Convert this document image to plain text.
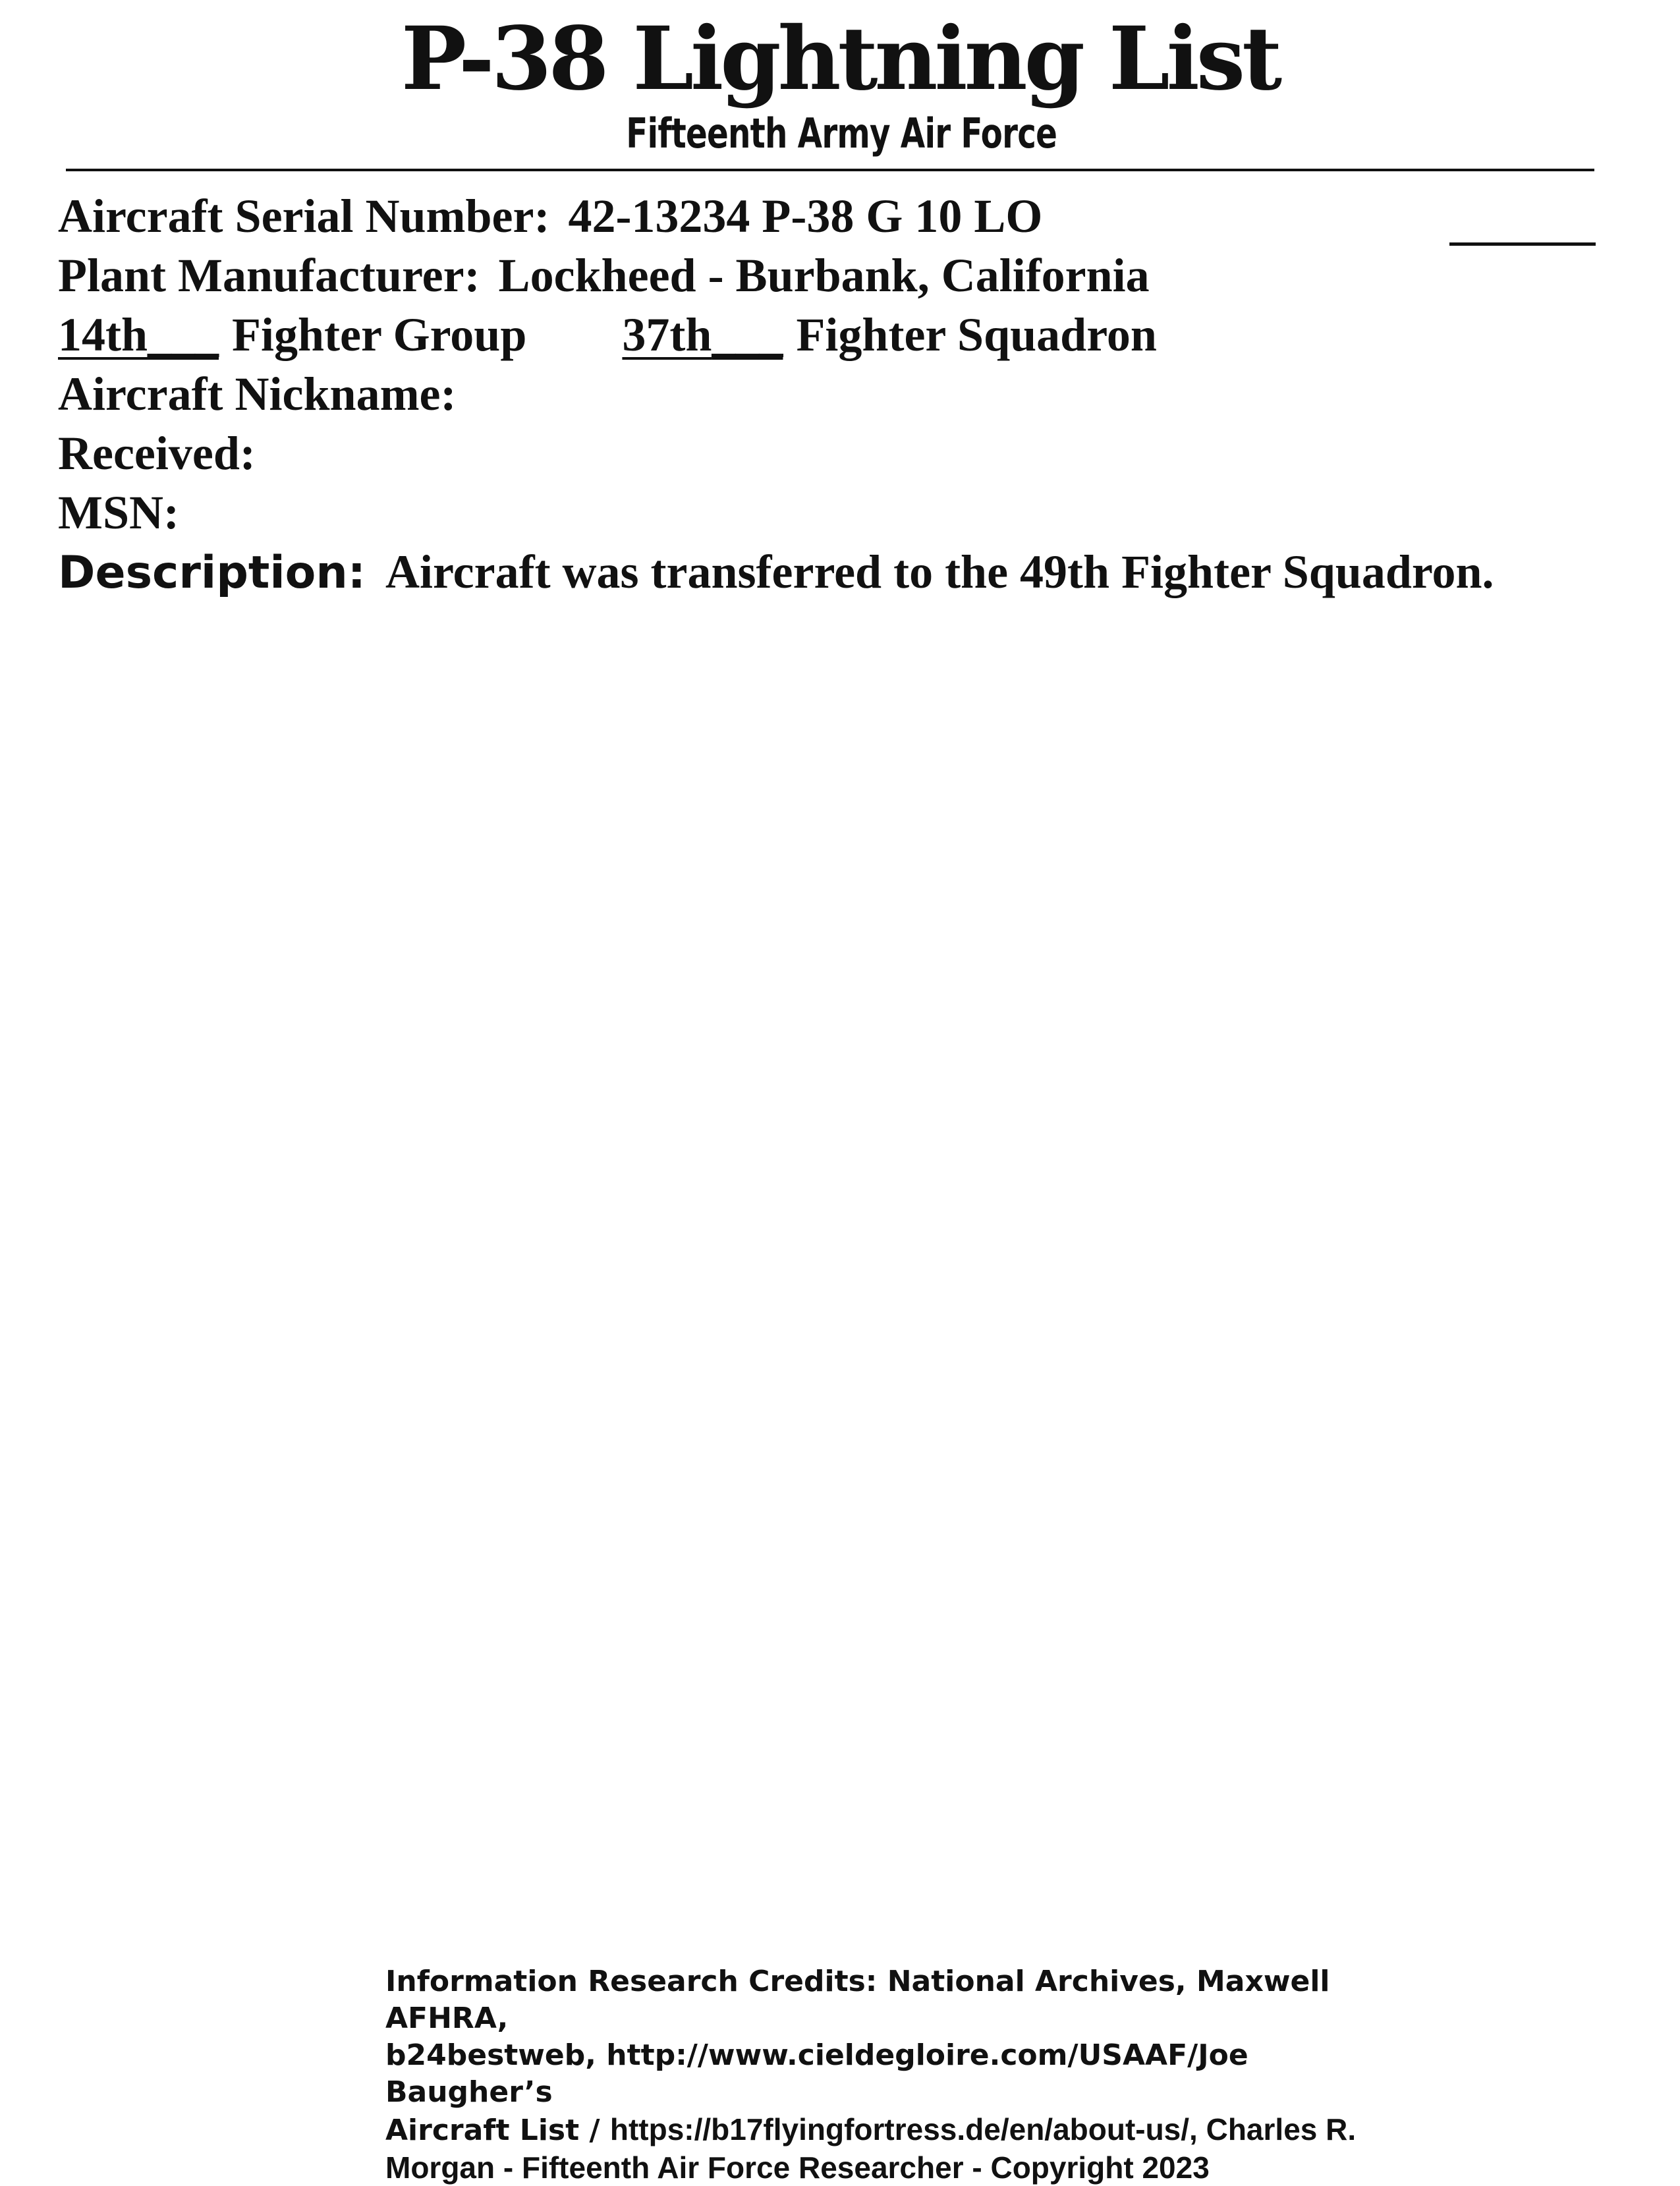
P-38 Lightning List
Fifteenth Army Air Force
Aircraft Serial Number: 42-13234 P-38 G 10 LO
Plant Manufacturer: Lockheed - Burbank, California
14th___ Fighter Group 37th___ Fighter Squadron
Aircraft Nickname:
Received:
MSN:
Description: Aircraft was transferred to the 49th Fighter Squadron.
Information Research Credits: National Archives, Maxwell AFHRA,
b24bestweb, http://www.cieldegloire.com/USAAF/Joe Baugher’s
Aircraft List / https://b17flyingfortress.de/en/about-us/, Charles R.
Morgan - Fifteenth Air Force Researcher - Copyright 2023
